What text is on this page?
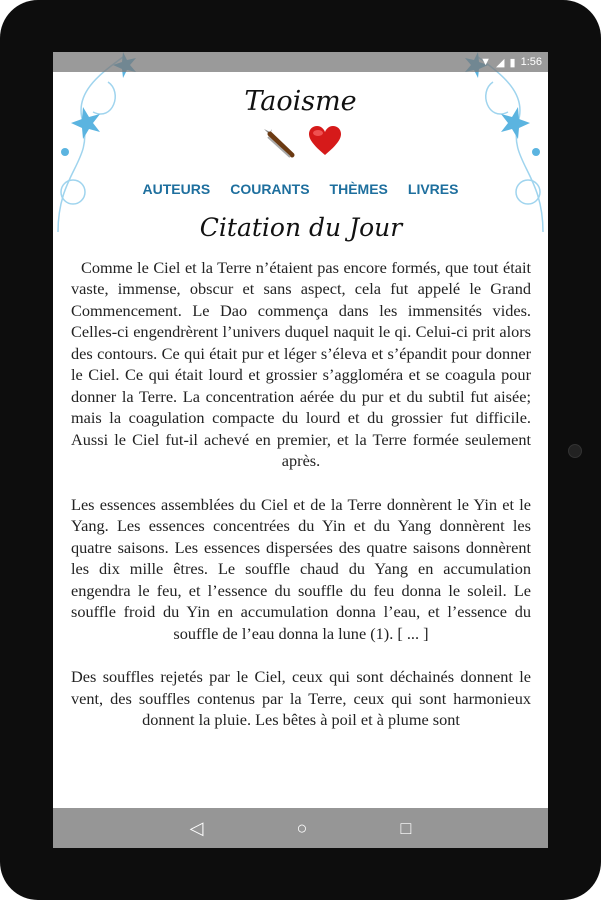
▼ ◢ ▮ 1:56
Taoisme
AUTEURS COURANTS THÈMES LIVRES
Citation du Jour

Comme le Ciel et la Terre n’étaient pas encore formés, que tout était vaste, immense, obscur et sans aspect, cela fut appelé le Grand Commencement. Le Dao commença dans les immensités vides. Celles-ci engendrèrent l’univers duquel naquit le qi. Celui-ci prit alors des contours. Ce qui était pur et léger s’éleva et s’épandit pour donner le Ciel. Ce qui était lourd et grossier s’agglomérа et se coagula pour donner la Terre. La concentration aérée du pur et du subtil fut aisée; mais la coagulation compacte du lourd et du grossier fut difficile. Aussi le Ciel fut-il achevé en premier, et la Terre formée seulement après.

Les essences assemblées du Ciel et de la Terre donnèrent le Yin et le Yang. Les essences concentrées du Yin et du Yang donnèrent les quatre saisons. Les essences dispersées des quatre saisons donnèrent les dix mille êtres. Le souffle chaud du Yang en accumulation engendra le feu, et l’essence du souffle du feu donna le soleil. Le souffle froid du Yin en accumulation donna l’eau, et l’essence du souffle de l’eau donna la lune (1). [ ... ]

Des souffles rejetés par le Ciel, ceux qui sont déchainés donnent le vent, des souffles contenus par la Terre, ceux qui sont harmonieux donnent la pluie. Les bêtes à poil et à plume sont

◁	○	□
